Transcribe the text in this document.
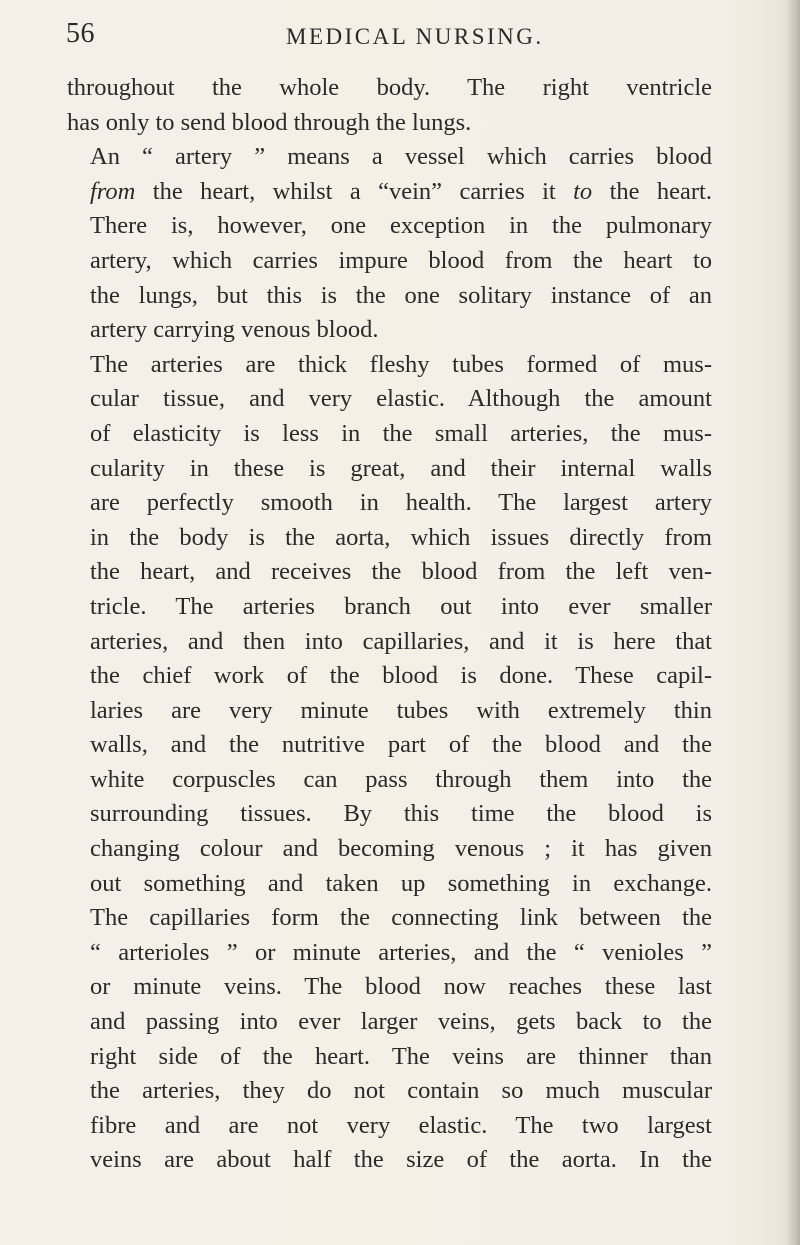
56	MEDICAL NURSING.

throughout the whole body. The right ventricle
has only to send blood through the lungs.

An “ artery ” means a vessel which carries blood
from the heart, whilst a “vein” carries it to the heart.
There is, however, one exception in the pulmonary
artery, which carries impure blood from the heart to
the lungs, but this is the one solitary instance of an
artery carrying venous blood.

The arteries are thick fleshy tubes formed of mus-
cular tissue, and very elastic. Although the amount
of elasticity is less in the small arteries, the mus-
cularity in these is great, and their internal walls
are perfectly smooth in health. The largest artery
in the body is the aorta, which issues directly from
the heart, and receives the blood from the left ven-
tricle. The arteries branch out into ever smaller
arteries, and then into capillaries, and it is here that
the chief work of the blood is done. These capil-
laries are very minute tubes with extremely thin
walls, and the nutritive part of the blood and the
white corpuscles can pass through them into the
surrounding tissues. By this time the blood is
changing colour and becoming venous ; it has given
out something and taken up something in exchange.
The capillaries form the connecting link between the
“ arterioles ” or minute arteries, and the “ venioles ”
or minute veins. The blood now reaches these last
and passing into ever larger veins, gets back to the
right side of the heart. The veins are thinner than
the arteries, they do not contain so much muscular
fibre and are not very elastic. The two largest
veins are about half the size of the aorta. In the
